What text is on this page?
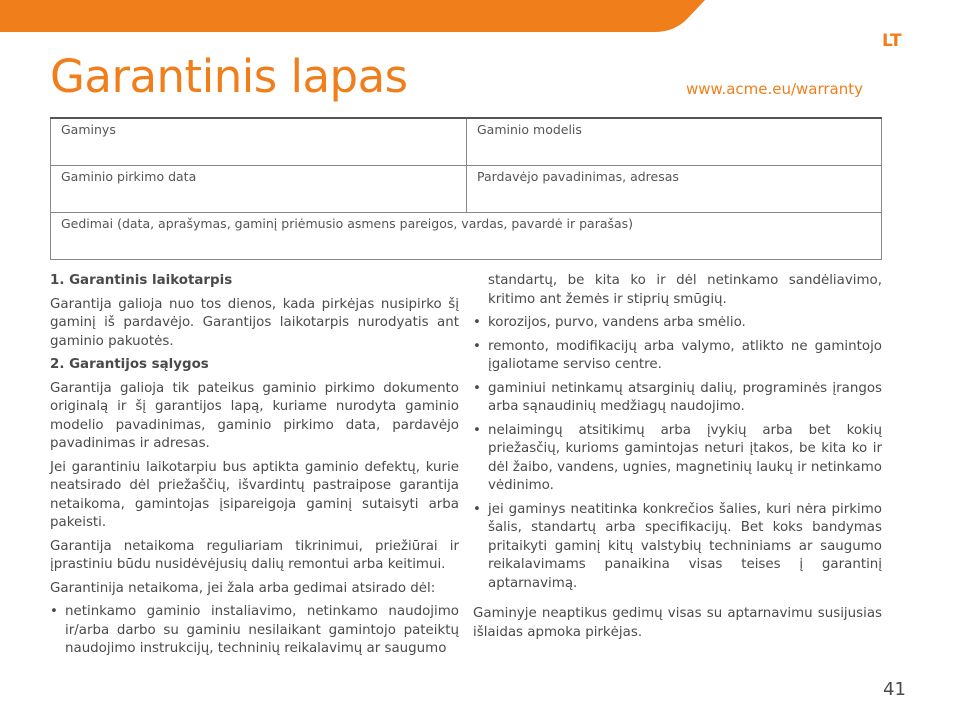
LT
Garantinis lapas	www.acme.eu/warranty
Gaminys	Gaminio modelis
Gaminio pirkimo data	Pardavėjo pavadinimas, adresas
Gedimai (data, aprašymas, gaminį priėmusio asmens pareigos, vardas, pavardė ir parašas)	
1. Garantinis laikotarpis

Garantija galioja nuo tos dienos, kada pirkėjas nusipirko šį gaminį iš pardavėjo. Garantijos laikotarpis nurodyatis ant gaminio pakuotės.

2. Garantijos sąlygos

Garantija galioja tik pateikus gaminio pirkimo dokumento originalą ir šį garantijos lapą, kuriame nurodyta gaminio modelio pavadinimas, gaminio pirkimo data, pardavėjo pavadinimas ir adresas.

Jei garantiniu laikotarpiu bus aptikta gaminio defektų, kurie neatsirado dėl priežaščių, išvardintų pastraipose garantija netaikoma, gamintojas įsipareigoja gaminį sutaisyti arba pakeisti.

Garantija netaikoma reguliariam tikrinimui, priežiūrai ir įprastiniu būdu nusidėvėjusių dalių remontui arba keitimui.

Garantinija netaikoma, jei žala arba gedimai atsirado dėl:

• netinkamo gaminio instaliavimo, netinkamo naudojimo ir/arba darbo su gaminiu nesilaikant gamintojo pateiktų naudojimo instrukcijų, techninių reikalavimų ar saugumo
standartų, be kita ko ir dėl netinkamo sandėliavimo, kritimo ant žemės ir stiprių smūgių.
• korozijos, purvo, vandens arba smėlio.
• remonto, modifikacijų arba valymo, atlikto ne gamintojo įgaliotame serviso centre.
• gaminiui netinkamų atsarginių dalių, programinės įrangos arba sąnaudinių medžiagų naudojimo.
• nelaimingų atsitikimų arba įvykių arba bet kokių priežasčių, kurioms gamintojas neturi įtakos, be kita ko ir dėl žaibo, vandens, ugnies, magnetinių laukų ir netinkamo vėdinimo.
• jei gaminys neatitinka konkrečios šalies, kuri nėra pirkimo šalis, standartų arba specifikacijų. Bet koks bandymas pritaikyti gaminį kitų valstybių techniniams ar saugumo reikalavimams panaikina visas teises į garantinį aptarnavimą.

Gaminyje neaptikus gedimų visas su aptarnavimu susijusias išlaidas apmoka pirkėjas.

41
